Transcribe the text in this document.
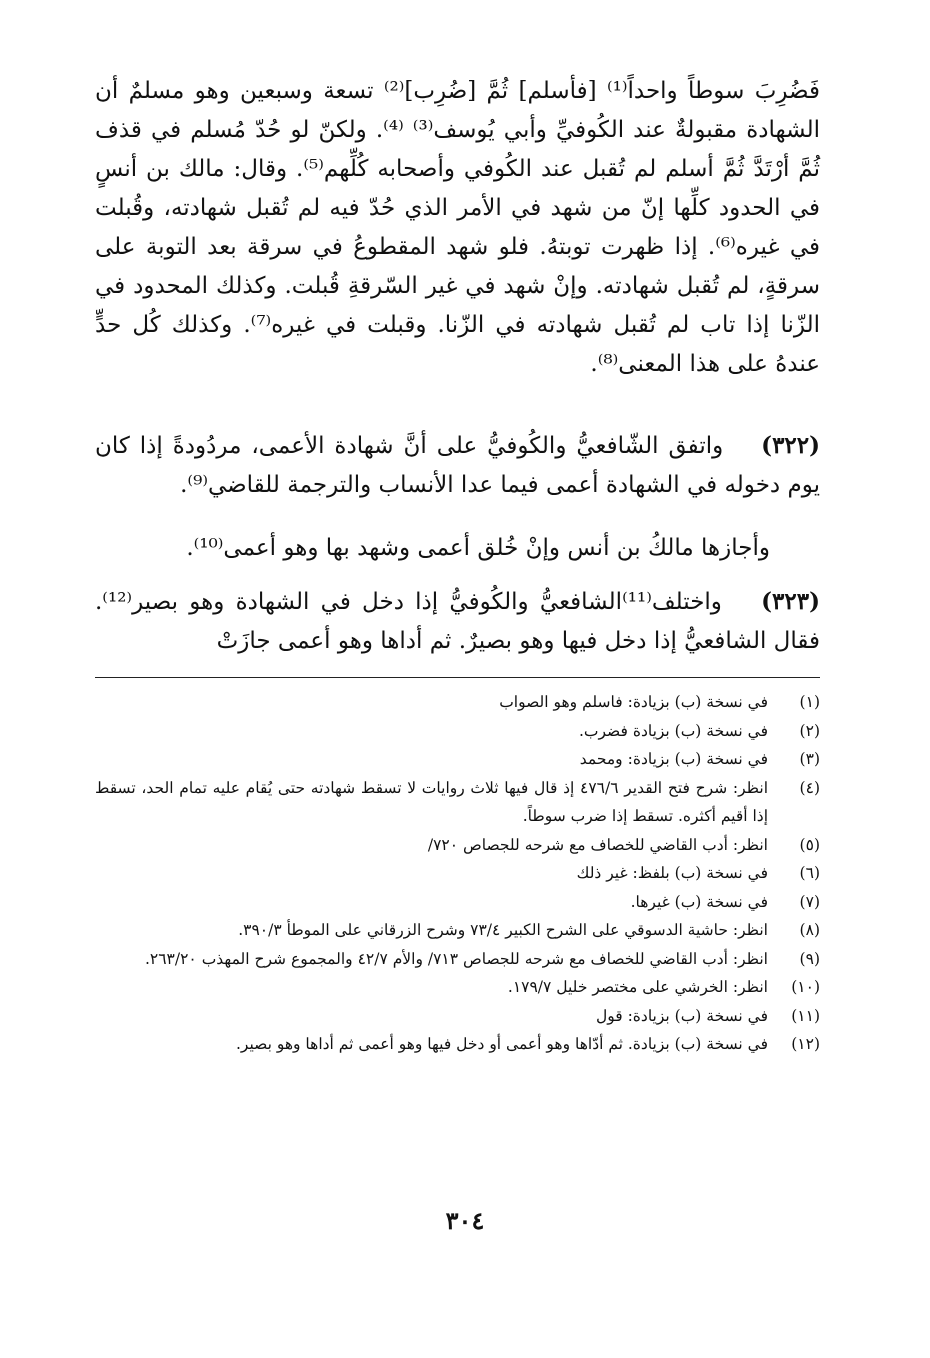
فَضُرِبَ سوطاً واحداً⁽¹⁾ [فأسلم] ثُمَّ [ضُرِب]⁽²⁾ تسعة وسبعين وهو مسلمٌ أن الشهادة مقبولةٌ عند الكُوفيِّ وأبي يُوسف⁽³⁾ ⁽⁴⁾. ولكنّ لو حُدّ مُسلم في قذف ثُمَّ أرْتَدَّ ثُمَّ أسلم لم تُقبل عند الكُوفي وأصحابه كُلِّهم⁽⁵⁾. وقال: مالك بن أنسٍ في الحدود كلِّها إنّ من شهد في الأمر الذي حُدّ فيه لم تُقبل شهادته، وقُبلت في غيره⁽⁶⁾. إذا ظهرت توبتهُ. فلو شهد المقطوعُ في سرقة بعد التوبة على سرقةٍ، لم تُقبل شهادته. وإنْ شهد في غير السّرقةِ قُبلت. وكذلك المحدود في الزّنا إذا تاب لم تُقبل شهادته في الزّنا. وقبلت في غيره⁽⁷⁾. وكذلك كُل حدٍّ عندهُ على هذا المعنى⁽⁸⁾.

(٣٢٢) واتفق الشّافعيُّ والكُوفيُّ على أنَّ شهادة الأعمى، مردُودةً إذا كان يوم دخوله في الشهادة أعمى فيما عدا الأنساب والترجمة للقاضي⁽⁹⁾.

وأجازها مالكُ بن أنس وإنْ خُلق أعمى وشهد بها وهو أعمى⁽¹⁰⁾.

(٣٢٣) واختلف⁽¹¹⁾الشافعيُّ والكُوفيُّ إذا دخل في الشهادة وهو بصير⁽¹²⁾. فقال الشافعيُّ إذا دخل فيها وهو بصيرٌ. ثم أداها وهو أعمى جازَتْ

(١)
في نسخة (ب) بزيادة: فاسلم وهو الصواب
(٢)
في نسخة (ب) بزيادة فضرب.
(٣)
في نسخة (ب) بزيادة: ومحمد
(٤)
انظر: شرح فتح القدير ٤٧٦/٦ إذ قال فيها ثلاث روايات لا تسقط شهادته حتى يُقام عليه تمام الحد، تسقط إذا أقيم أكثره. تسقط إذا ضرب سوطاً.
(٥)
انظر: أدب القاضي للخصاف مع شرحه للجصاص ٧٢٠/
(٦)
في نسخة (ب) بلفظ: غير ذلك
(٧)
في نسخة (ب) غيرها.
(٨)
انظر: حاشية الدسوقي على الشرح الكبير ٧٣/٤ وشرح الزرقاني على الموطأ ٣٩٠/٣.
(٩)
انظر: أدب القاضي للخصاف مع شرحه للجصاص ٧١٣/ والأم ٤٢/٧ والمجموع شرح المهذب ٢٦٣/٢٠.
(١٠)
انظر: الخرشي على مختصر خليل ١٧٩/٧.
(١١)
في نسخة (ب) بزيادة: قول
(١٢)
في نسخة (ب) بزيادة. ثم أدّاها وهو أعمى أو دخل فيها وهو أعمى ثم أداها وهو بصير.
٣٠٤
